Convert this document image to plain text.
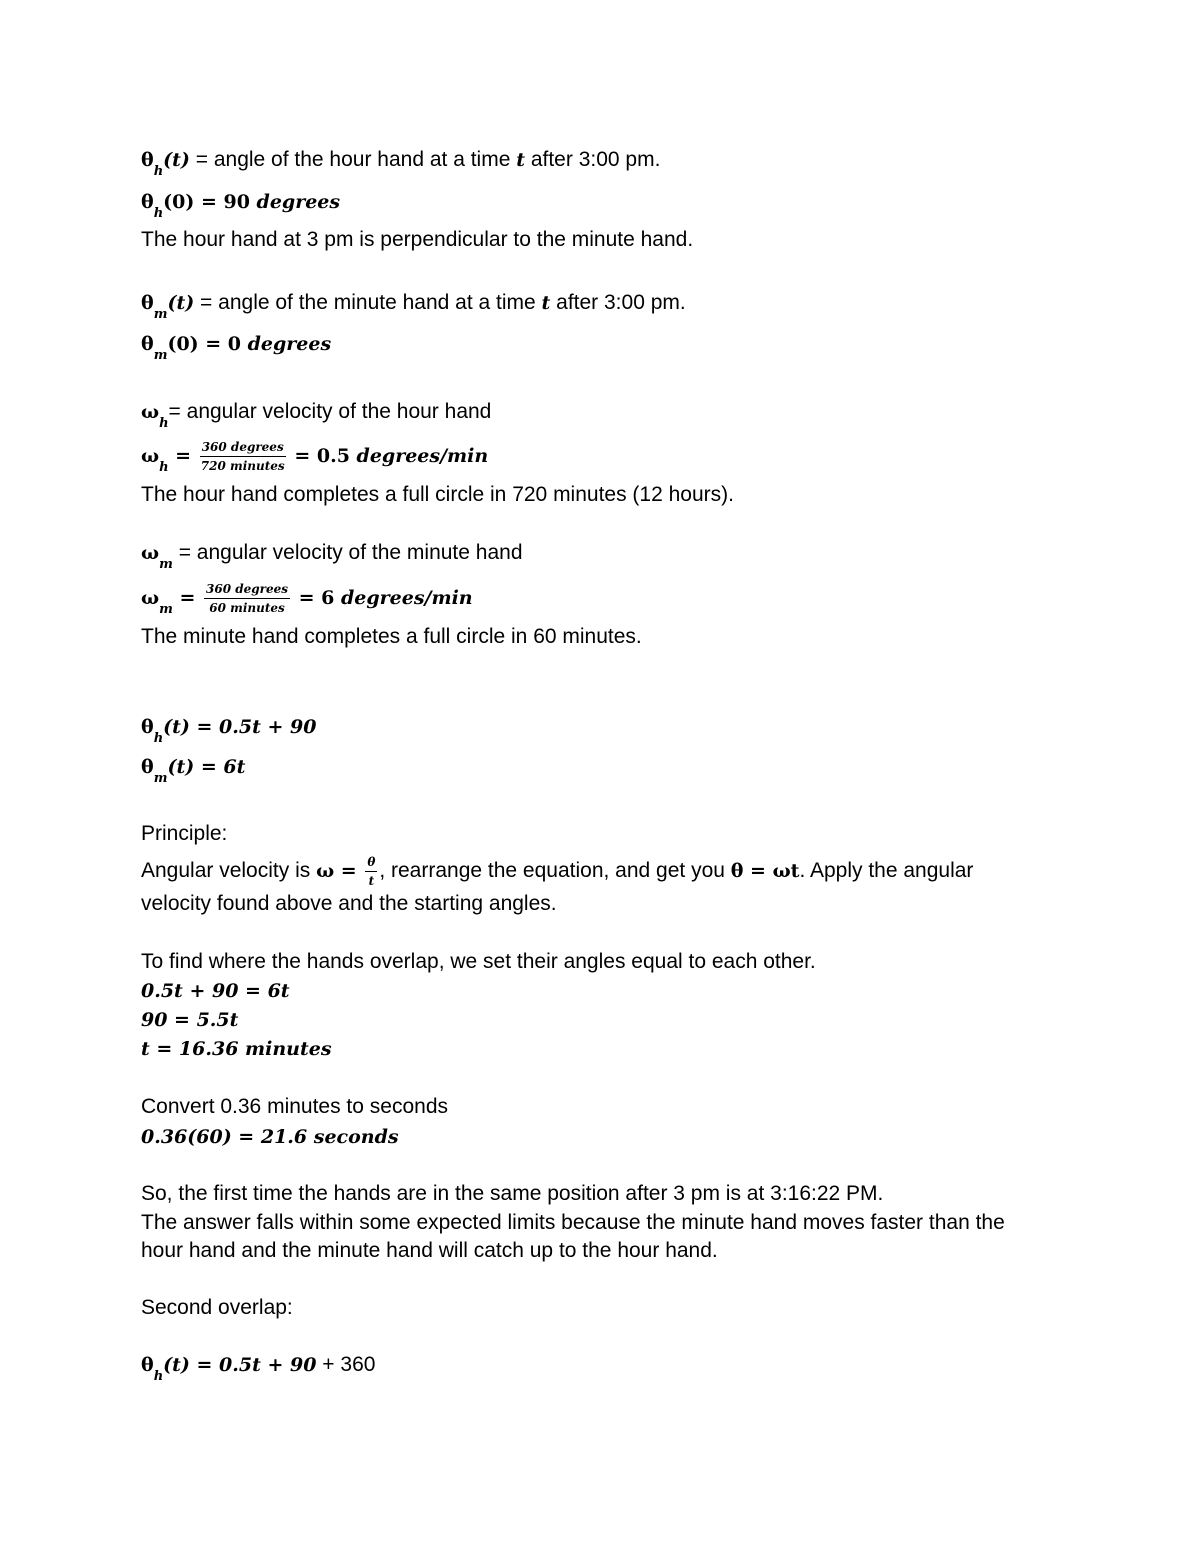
$\theta_h(t)$ = angle of the hour hand at a time t after 3:00 pm.
$\theta_h(0) = 90$ degrees
The hour hand at 3 pm is perpendicular to the minute hand.
$\theta_m(t)$ = angle of the minute hand at a time t after 3:00 pm.
$\theta_m(0) = 0$ degrees
$\omega_h=$ angular velocity of the hour hand
$\omega_h = \frac{\text{360 degrees}}{\text{720 minutes}} = 0.5$ degrees/min
The hour hand completes a full circle in 720 minutes (12 hours).
$\omega_m$ = angular velocity of the minute hand
$\omega_m = \frac{\text{360 degrees}}{\text{60 minutes}} = 6$ degrees/min
The minute hand completes a full circle in 60 minutes.
$\theta_h(t) = 0.5t + 90$
$\theta_m(t) = 6t$
Principle:
Angular velocity is $\omega = \frac{\theta}{t}$ , rearrange the equation, and get you θ = ωt. Apply the angular
velocity found above and the starting angles.
To find where the hands overlap, we set their angles equal to each other.
0.5t + 90 = 6t
90 = 5.5t
t = 16.36 minutes
Convert 0.36 minutes to seconds
0.36(60) = 21.6 seconds
So, the first time the hands are in the same position after 3 pm is at 3:16:22 PM.
The answer falls within some expected limits because the minute hand moves faster than the
hour hand and the minute hand will catch up to the hour hand.
Second overlap:
$\theta_h(t) = 0.5t + 90 + 360$
